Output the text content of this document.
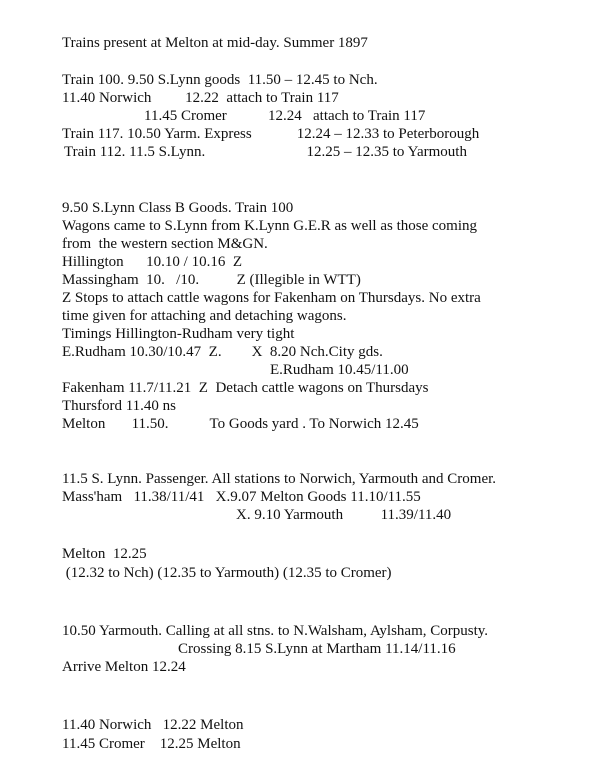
Trains present at Melton at mid-day. Summer 1897
Train 100. 9.50 S.Lynn goods  11.50 – 12.45 to Nch.
11.40 Norwich         12.22  attach to Train 117
11.45 Cromer           12.24   attach to Train 117
Train 117. 10.50 Yarm. Express            12.24 – 12.33 to Peterborough
Train 112. 11.5 S.Lynn.                           12.25 – 12.35 to Yarmouth
9.50 S.Lynn Class B Goods. Train 100
Wagons came to S.Lynn from K.Lynn G.E.R as well as those coming
from  the western section M&GN.
Hillington      10.10 / 10.16  Z
Massingham  10.   /10.          Z (Illegible in WTT)
Z Stops to attach cattle wagons for Fakenham on Thursdays. No extra
time given for attaching and detaching wagons.
Timings Hillington-Rudham very tight
E.Rudham 10.30/10.47  Z.        X  8.20 Nch.City gds.
E.Rudham 10.45/11.00
Fakenham 11.7/11.21  Z  Detach cattle wagons on Thursdays
Thursford 11.40 ns
Melton       11.50.           To Goods yard . To Norwich 12.45
11.5 S. Lynn. Passenger. All stations to Norwich, Yarmouth and Cromer.
Mass'ham   11.38/11/41   X.9.07 Melton Goods 11.10/11.55
X. 9.10 Yarmouth          11.39/11.40
Melton  12.25
(12.32 to Nch) (12.35 to Yarmouth) (12.35 to Cromer)
10.50 Yarmouth. Calling at all stns. to N.Walsham, Aylsham, Corpusty.
Crossing 8.15 S.Lynn at Martham 11.14/11.16
Arrive Melton 12.24
11.40 Norwich   12.22 Melton
11.45 Cromer    12.25 Melton
